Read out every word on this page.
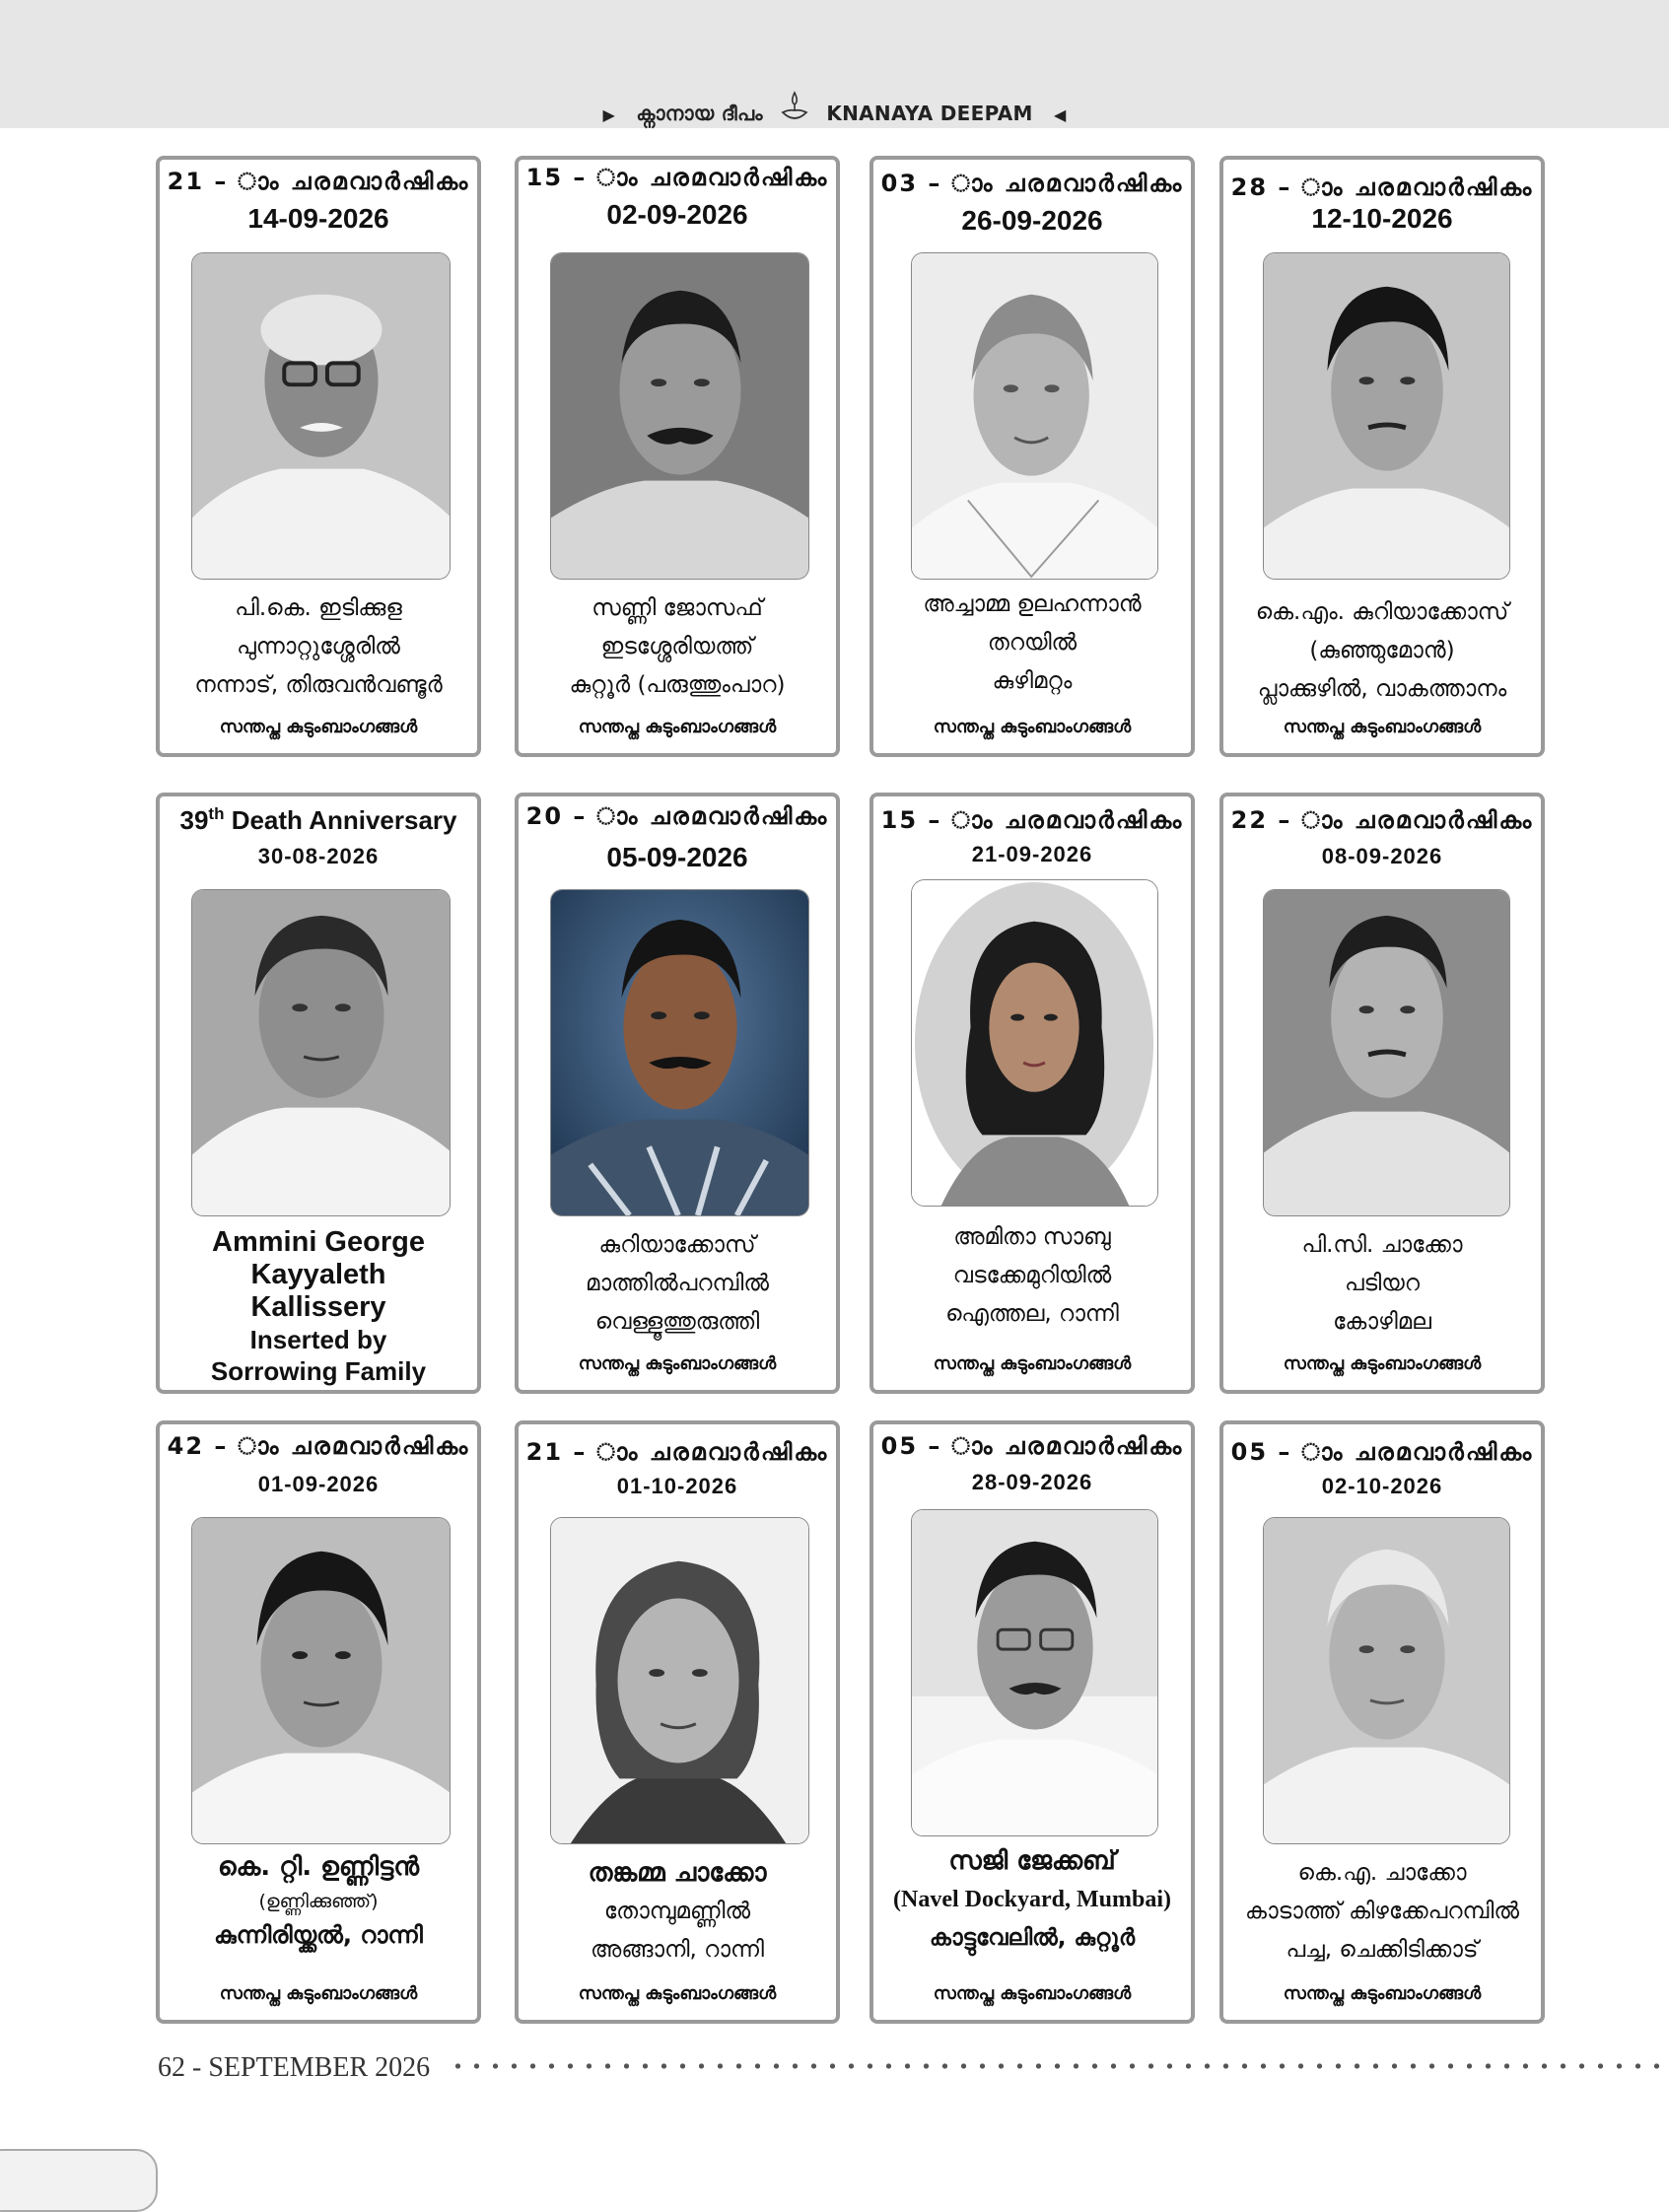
▶ ക്നാനായ ദീപം	KNANAYA DEEPAM ◀
21 – ാം ചരമവാർഷികം
14-09-2026
പി.കെ. ഇടിക്കുള
പുന്നാറ്റുശ്ശേരിൽ
നന്നാട്, തിരുവൻവണ്ടൂർ
സന്തപ്ത കുടുംബാംഗങ്ങൾ
15 – ാം ചരമവാർഷികം
02-09-2026
സണ്ണി ജോസഫ്
ഇടശ്ശേരിയത്ത്
കുറ്റൂർ (പരുത്തുംപാറ)
സന്തപ്ത കുടുംബാംഗങ്ങൾ
03 – ാം ചരമവാർഷികം
26-09-2026
അച്ചാമ്മ ഉലഹന്നാൻ
തറയിൽ
കുഴിമറ്റം
സന്തപ്ത കുടുംബാംഗങ്ങൾ
28 – ാം ചരമവാർഷികം
12-10-2026
കെ.എം. കുറിയാക്കോസ്
(കുഞ്ഞുമോൻ)
പ്ലാക്കുഴിൽ, വാകത്താനം
സന്തപ്ത കുടുംബാംഗങ്ങൾ
39th Death Anniversary
30-08-2026
Ammini George
Kayyaleth
Kallissery
Inserted by
Sorrowing Family
20 – ാം ചരമവാർഷികം
05-09-2026
കുറിയാക്കോസ്
മാത്തിൽപറമ്പിൽ
വെള്ളൂത്തുരുത്തി
സന്തപ്ത കുടുംബാംഗങ്ങൾ
15 – ാം ചരമവാർഷികം
21-09-2026
അമിതാ സാബു
വടക്കേമുറിയിൽ
ഐത്തല, റാന്നി
സന്തപ്ത കുടുംബാംഗങ്ങൾ
22 – ാം ചരമവാർഷികം
08-09-2026
പി.സി. ചാക്കോ
പടിയറ
കോഴിമല
സന്തപ്ത കുടുംബാംഗങ്ങൾ
42 – ാം ചരമവാർഷികം
01-09-2026
കെ. റ്റി. ഉണ്ണിട്ടൻ
(ഉണ്ണിക്കുഞ്ഞ്)
കുന്നിരിയ്ക്കൽ, റാന്നി
സന്തപ്ത കുടുംബാംഗങ്ങൾ
21 – ാം ചരമവാർഷികം
01-10-2026
തങ്കമ്മ ചാക്കോ
തോമ്പുമണ്ണിൽ
അങ്ങാനി, റാന്നി
സന്തപ്ത കുടുംബാംഗങ്ങൾ
05 – ാം ചരമവാർഷികം
28-09-2026
സജി ജേക്കബ്
(Navel Dockyard, Mumbai)
കാട്ടുവേലിൽ, കുറ്റൂർ
സന്തപ്ത കുടുംബാംഗങ്ങൾ
05 – ാം ചരമവാർഷികം
02-10-2026
കെ.എ. ചാക്കോ
കാടാത്ത് കിഴക്കേപറമ്പിൽ
പച്ച, ചെക്കിടിക്കാട്
സന്തപ്ത കുടുംബാംഗങ്ങൾ
62 - SEPTEMBER 2026
